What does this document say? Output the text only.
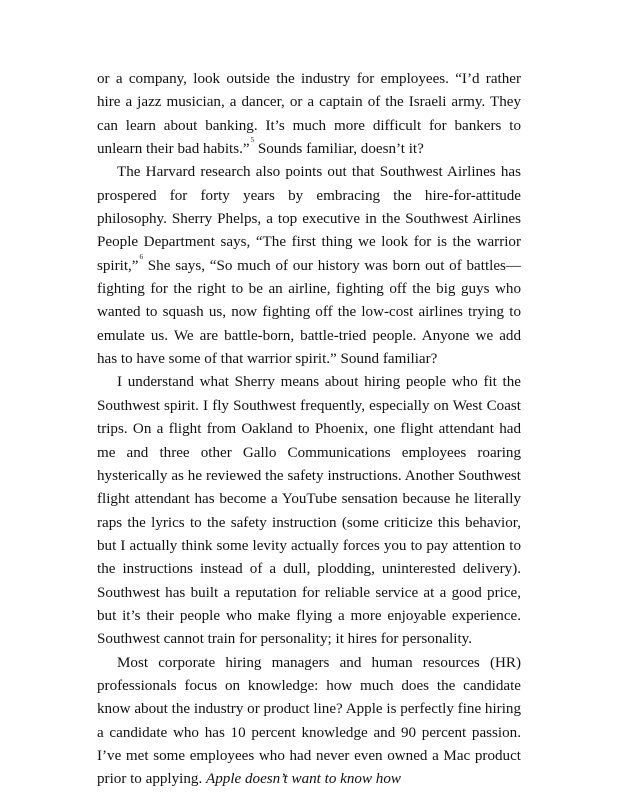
or a company, look outside the industry for employees. “I’d rather hire a jazz musician, a dancer, or a captain of the Israeli army. They can learn about banking. It’s much more difficult for bankers to unlearn their bad habits.”$^5$ Sounds familiar, doesn’t it?

The Harvard research also points out that Southwest Airlines has prospered for forty years by embracing the hire-for-attitude philosophy. Sherry Phelps, a top executive in the Southwest Airlines People Department says, “The first thing we look for is the warrior spirit,”$^6$ She says, “So much of our history was born out of battles—fighting for the right to be an airline, fighting off the big guys who wanted to squash us, now fighting off the low-cost airlines trying to emulate us. We are battle-born, battle-tried people. Anyone we add has to have some of that warrior spirit.” Sound familiar?

I understand what Sherry means about hiring people who fit the Southwest spirit. I fly Southwest frequently, especially on West Coast trips. On a flight from Oakland to Phoenix, one flight attendant had me and three other Gallo Communications employees roaring hysterically as he reviewed the safety instructions. Another Southwest flight attendant has become a YouTube sensation because he literally raps the lyrics to the safety instruction (some criticize this behavior, but I actually think some levity actually forces you to pay attention to the instructions instead of a dull, plodding, uninterested delivery). Southwest has built a reputation for reliable service at a good price, but it’s their people who make flying a more enjoyable experience. Southwest cannot train for personality; it hires for personality.

Most corporate hiring managers and human resources (HR) professionals focus on knowledge: how much does the candidate know about the industry or product line? Apple is perfectly fine hiring a candidate who has 10 percent knowledge and 90 percent passion. I’ve met some employees who had never even owned a Mac product prior to applying. Apple doesn’t want to know how
